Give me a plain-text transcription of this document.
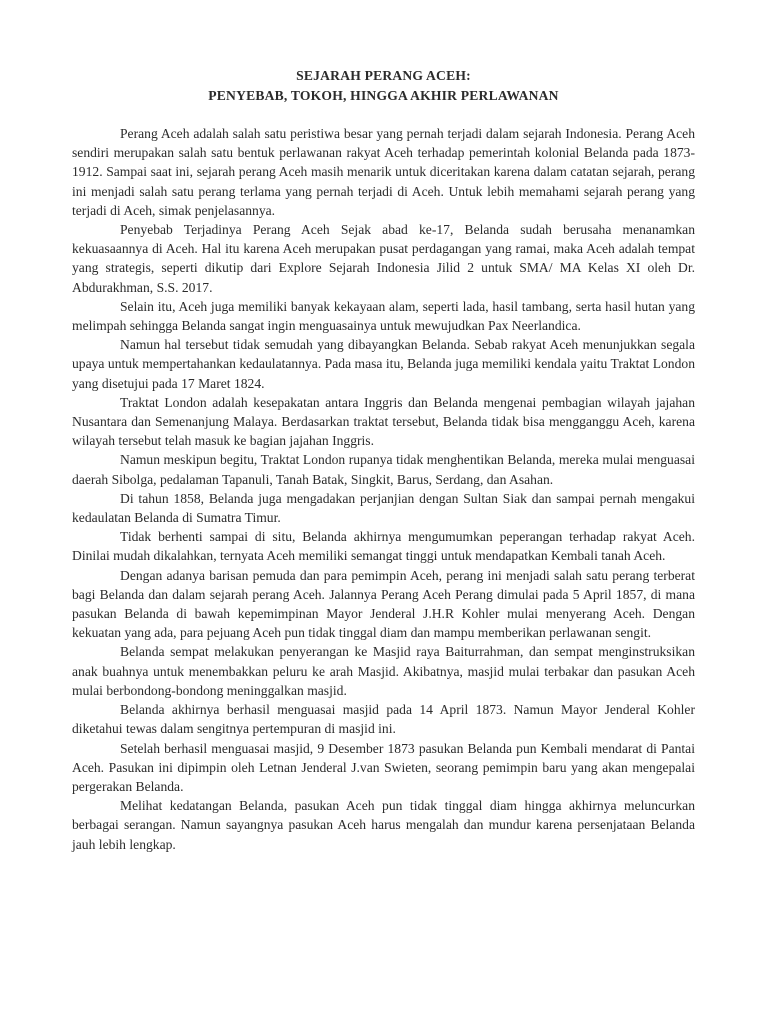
SEJARAH PERANG ACEH:

PENYEBAB, TOKOH, HINGGA AKHIR PERLAWANAN

Perang Aceh adalah salah satu peristiwa besar yang pernah terjadi dalam sejarah Indonesia. Perang Aceh sendiri merupakan salah satu bentuk perlawanan rakyat Aceh terhadap pemerintah kolonial Belanda pada 1873-1912. Sampai saat ini, sejarah perang Aceh masih menarik untuk diceritakan karena dalam catatan sejarah, perang ini menjadi salah satu perang terlama yang pernah terjadi di Aceh. Untuk lebih memahami sejarah perang yang terjadi di Aceh, simak penjelasannya.

Penyebab Terjadinya Perang Aceh Sejak abad ke-17, Belanda sudah berusaha menanamkan kekuasaannya di Aceh. Hal itu karena Aceh merupakan pusat perdagangan yang ramai, maka Aceh adalah tempat yang strategis, seperti dikutip dari Explore Sejarah Indonesia Jilid 2 untuk SMA/ MA Kelas XI oleh Dr. Abdurakhman, S.S. 2017.

Selain itu, Aceh juga memiliki banyak kekayaan alam, seperti lada, hasil tambang, serta hasil hutan yang melimpah sehingga Belanda sangat ingin menguasainya untuk mewujudkan Pax Neerlandica.

Namun hal tersebut tidak semudah yang dibayangkan Belanda. Sebab rakyat Aceh menunjukkan segala upaya untuk mempertahankan kedaulatannya. Pada masa itu, Belanda juga memiliki kendala yaitu Traktat London yang disetujui pada 17 Maret 1824.

Traktat London adalah kesepakatan antara Inggris dan Belanda mengenai pembagian wilayah jajahan Nusantara dan Semenanjung Malaya. Berdasarkan traktat tersebut, Belanda tidak bisa mengganggu Aceh, karena wilayah tersebut telah masuk ke bagian jajahan Inggris.

Namun meskipun begitu, Traktat London rupanya tidak menghentikan Belanda, mereka mulai menguasai daerah Sibolga, pedalaman Tapanuli, Tanah Batak, Singkit, Barus, Serdang, dan Asahan.

Di tahun 1858, Belanda juga mengadakan perjanjian dengan Sultan Siak dan sampai pernah mengakui kedaulatan Belanda di Sumatra Timur.

Tidak berhenti sampai di situ, Belanda akhirnya mengumumkan peperangan terhadap rakyat Aceh. Dinilai mudah dikalahkan, ternyata Aceh memiliki semangat tinggi untuk mendapatkan Kembali tanah Aceh.

Dengan adanya barisan pemuda dan para pemimpin Aceh, perang ini menjadi salah satu perang terberat bagi Belanda dan dalam sejarah perang Aceh. Jalannya Perang Aceh Perang dimulai pada 5 April 1857, di mana pasukan Belanda di bawah kepemimpinan Mayor Jenderal J.H.R Kohler mulai menyerang Aceh. Dengan kekuatan yang ada, para pejuang Aceh pun tidak tinggal diam dan mampu memberikan perlawanan sengit.

Belanda sempat melakukan penyerangan ke Masjid raya Baiturrahman, dan sempat menginstruksikan anak buahnya untuk menembakkan peluru ke arah Masjid. Akibatnya, masjid mulai terbakar dan pasukan Aceh mulai berbondong-bondong meninggalkan masjid.

Belanda akhirnya berhasil menguasai masjid pada 14 April 1873. Namun Mayor Jenderal Kohler diketahui tewas dalam sengitnya pertempuran di masjid ini.

Setelah berhasil menguasai masjid, 9 Desember 1873 pasukan Belanda pun Kembali mendarat di Pantai Aceh. Pasukan ini dipimpin oleh Letnan Jenderal J.van Swieten, seorang pemimpin baru yang akan mengepalai pergerakan Belanda.

Melihat kedatangan Belanda, pasukan Aceh pun tidak tinggal diam hingga akhirnya meluncurkan berbagai serangan. Namun sayangnya pasukan Aceh harus mengalah dan mundur karena persenjataan Belanda jauh lebih lengkap.
